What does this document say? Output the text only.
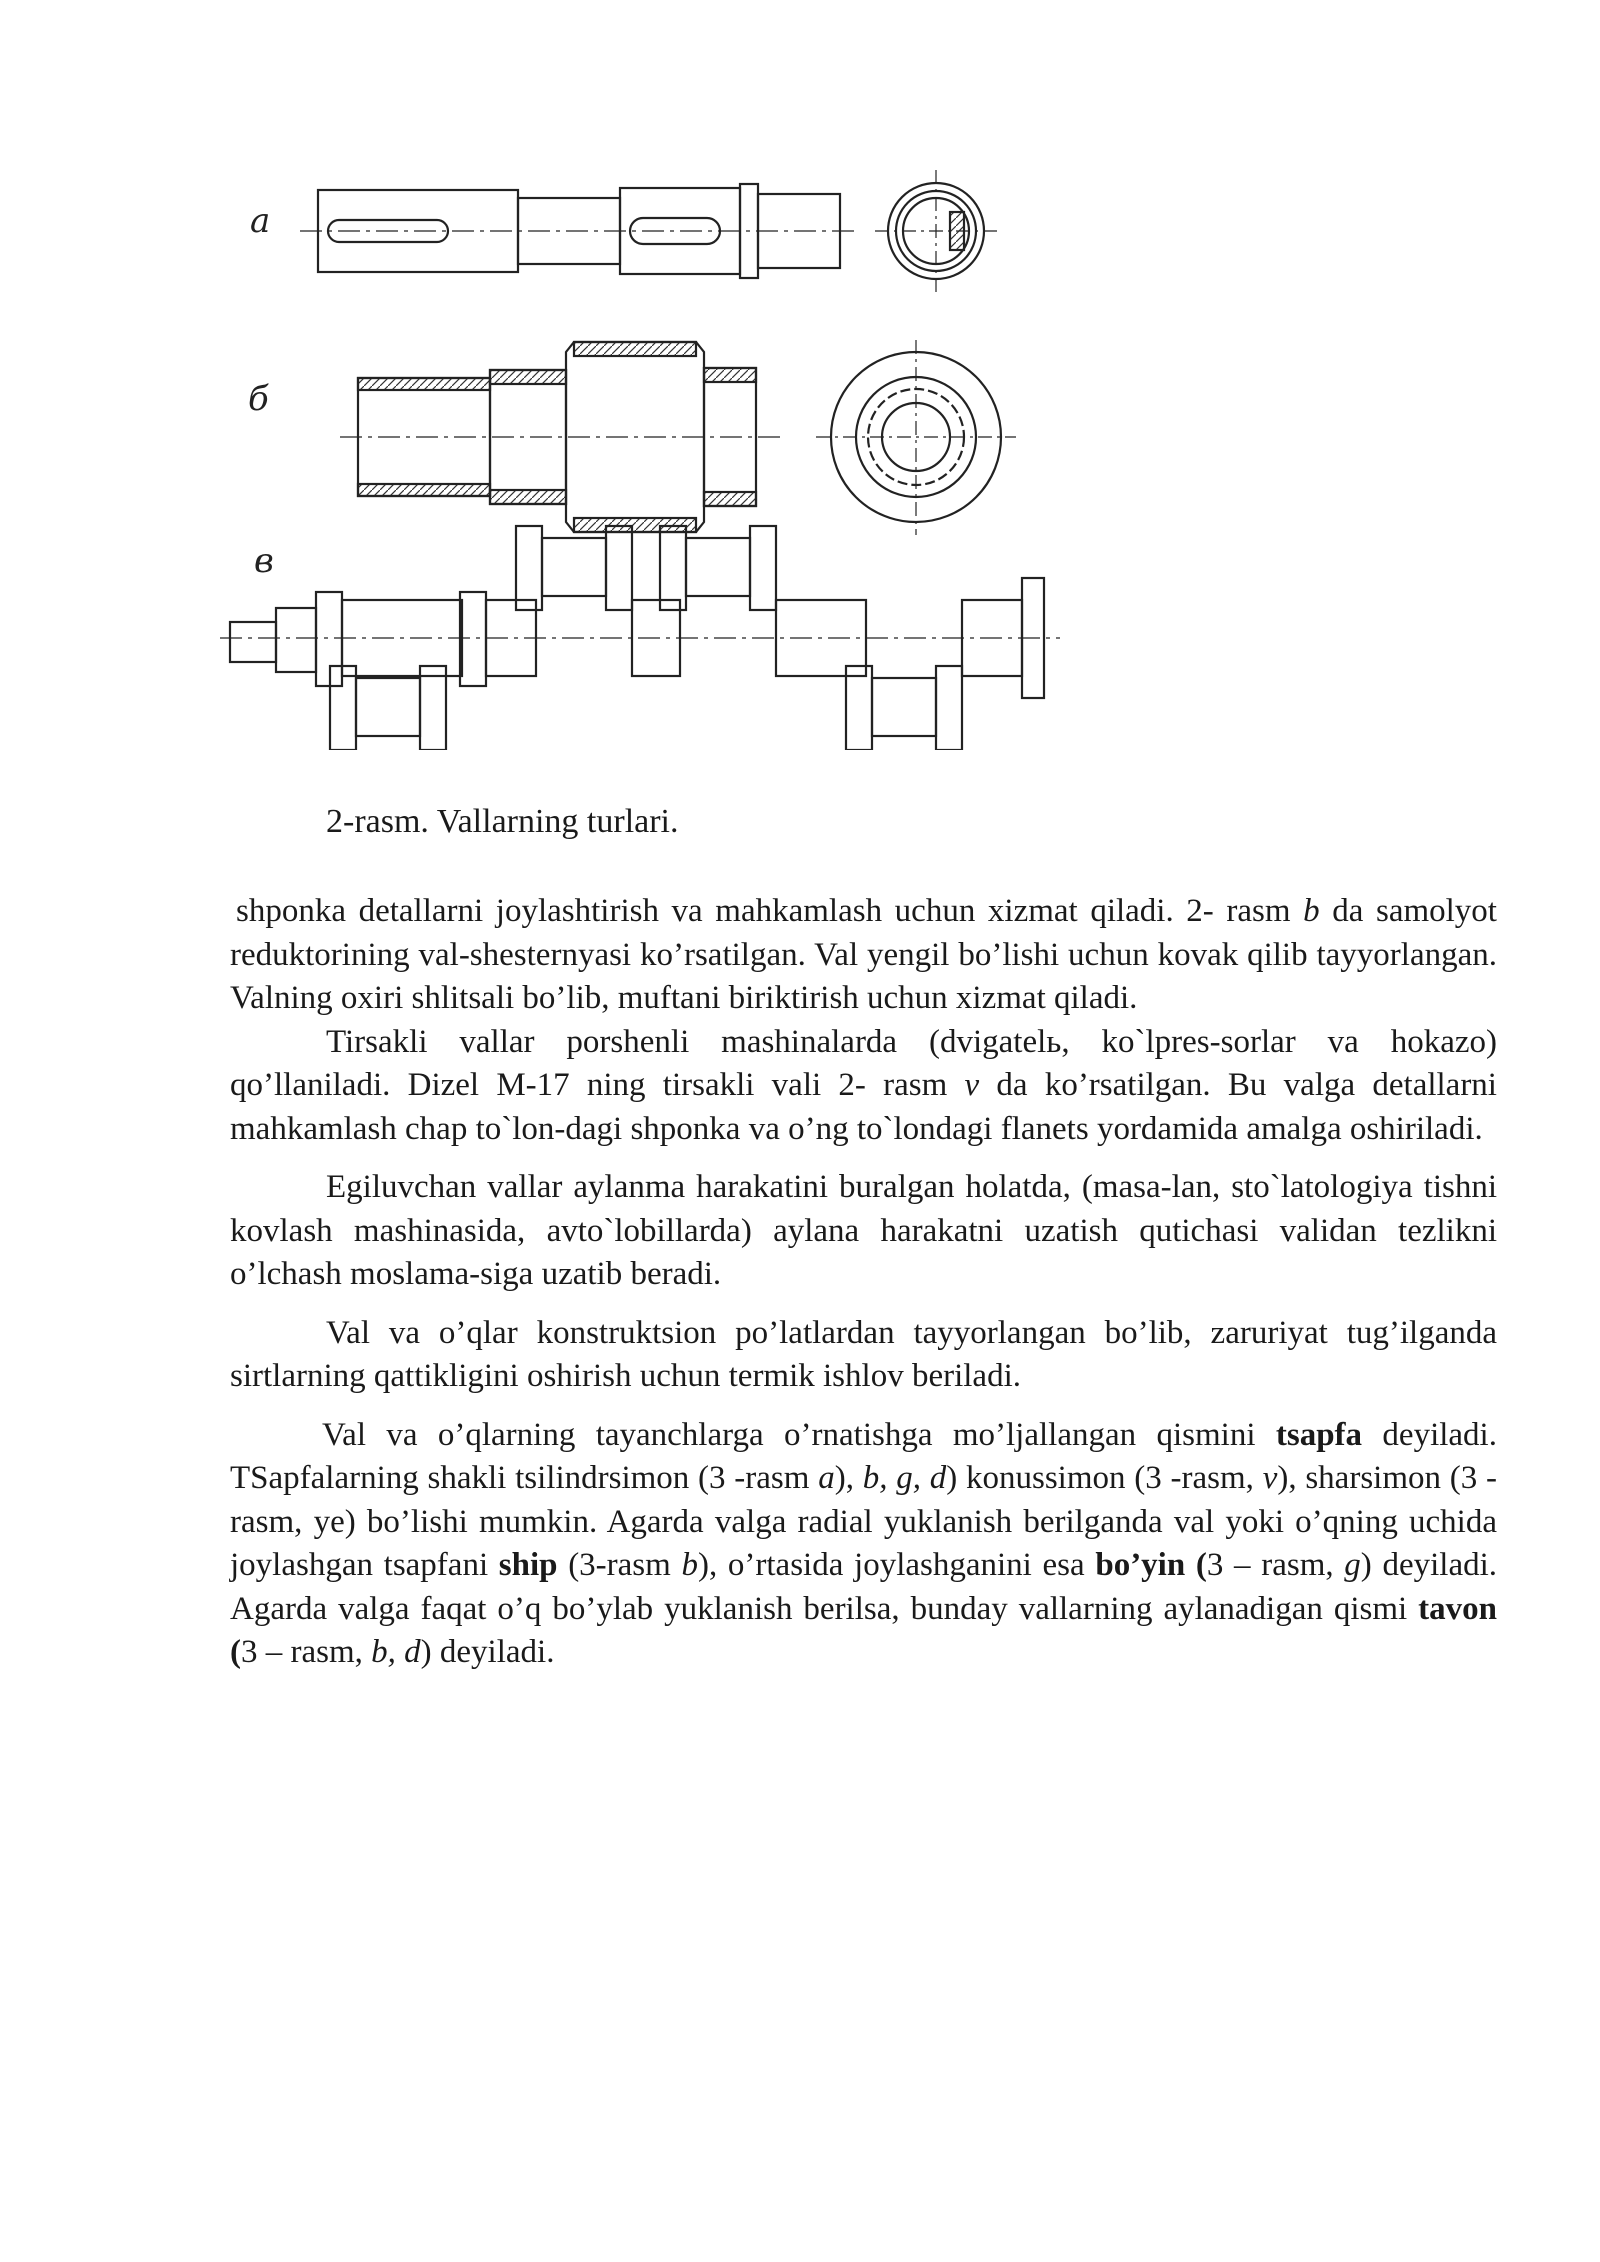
а
б
в
2-rasm. Vallarning turlari.

shponka detallarni joylashtirish va mahkamlash uchun xizmat qiladi. 2- rasm b da samolyot reduktorining val-shesternyasi ko’rsatilgan. Val yengil bo’lishi uchun kovak qilib tayyorlangan. Valning oxiri shlitsali bo’lib, muftani biriktirish uchun xizmat qiladi.

Tirsakli vallar porshenli mashinalarda (dvigatelь, ko`lpres-sorlar va hokazo) qo’llaniladi. Dizel M-17 ning tirsakli vali 2- rasm v da ko’rsatilgan. Bu valga detallarni mahkamlash chap to`lon-dagi shponka va o’ng to`londagi flanets yordamida amalga oshiriladi.

Egiluvchan vallar aylanma harakatini buralgan holatda, (masa-lan, sto`latologiya tishni kovlash mashinasida, avto`lobillarda) aylana harakatni uzatish qutichasi validan tezlikni o’lchash moslama-siga uzatib beradi.

Val va o’qlar konstruktsion po’latlardan tayyorlangan bo’lib, zaruriyat tug’ilganda sirtlarning qattikligini oshirish uchun termik ishlov beriladi.

Val va o’qlarning tayanchlarga o’rnatishga mo’ljallangan qismini tsapfa deyiladi. TSapfalarning shakli tsilindrsimon (3 -rasm a), b, g, d) konussimon (3 -rasm, v), sharsimon (3 -rasm, ye) bo’lishi mumkin. Agarda valga radial yuklanish berilganda val yoki o’qning uchida joylashgan tsapfani ship (3-rasm b), o’rtasida joylashganini esa bo’yin (3 – rasm, g) deyiladi. Agarda valga faqat o’q bo’ylab yuklanish berilsa, bunday vallarning aylanadigan qismi tavon (3 – rasm, b, d) deyiladi.
